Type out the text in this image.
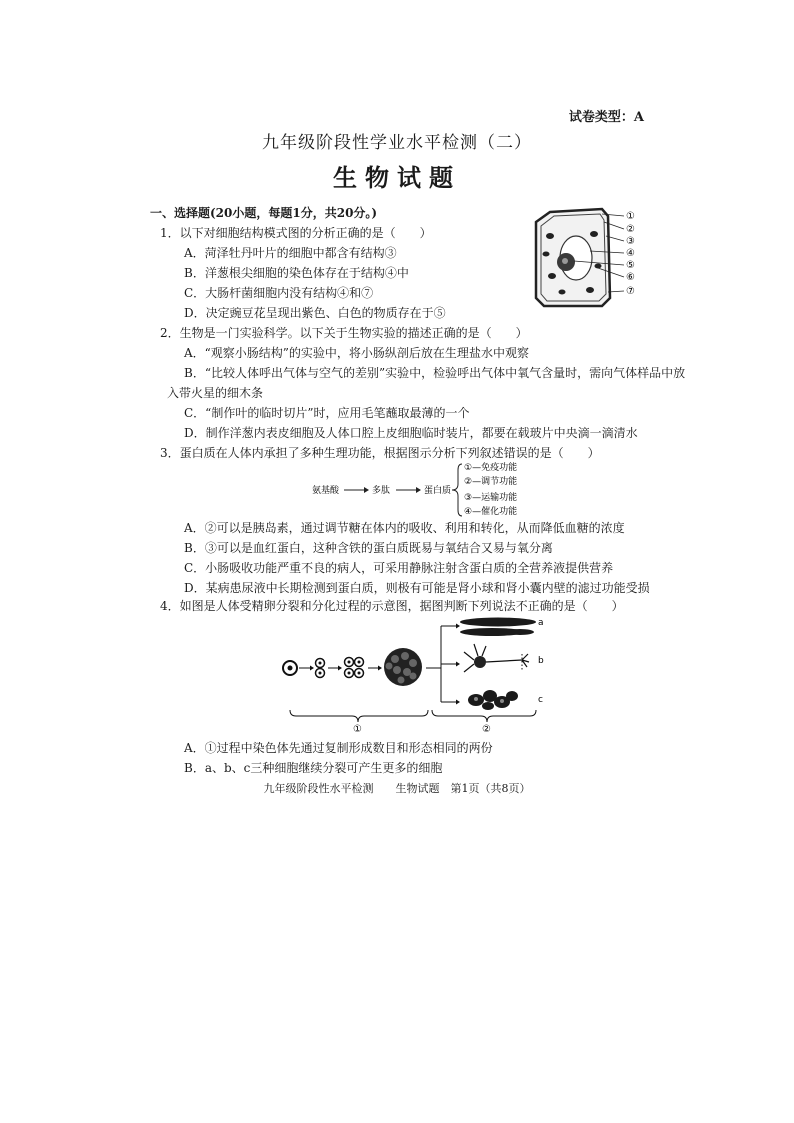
试卷类型：A
九年级阶段性学业水平检测（二）
生物试题
一、选择题(20小题，每题1分，共20分。)
1．以下对细胞结构模式图的分析正确的是（　　）
A．菏泽牡丹叶片的细胞中都含有结构③
B．洋葱根尖细胞的染色体存在于结构④中
C．大肠杆菌细胞内没有结构④和⑦
D．决定豌豆花呈现出紫色、白色的物质存在于⑤
①
②
③
④
⑤
⑥
⑦
2．生物是一门实验科学。以下关于生物实验的描述正确的是（　　）
A．“观察小肠结构”的实验中，将小肠纵剖后放在生理盐水中观察
B．“比较人体呼出气体与空气的差别”实验中，检验呼出气体中氧气含量时，需向气体样品中放
入带火星的细木条
C．“制作叶的临时切片”时，应用毛笔蘸取最薄的一个
D．制作洋葱内表皮细胞及人体口腔上皮细胞临时装片，都要在载玻片中央滴一滴清水
3．蛋白质在人体内承担了多种生理功能，根据图示分析下列叙述错误的是（　　）
氨基酸	多肽	蛋白质
①—免疫功能
②—调节功能
③—运输功能
④—催化功能
A．②可以是胰岛素，通过调节糖在体内的吸收、利用和转化，从而降低血糖的浓度
B．③可以是血红蛋白，这种含铁的蛋白质既易与氧结合又易与氧分离
C．小肠吸收功能严重不良的病人，可采用静脉注射含蛋白质的全营养液提供营养
D．某病患尿液中长期检测到蛋白质，则极有可能是肾小球和肾小囊内壁的滤过功能受损
4．如图是人体受精卵分裂和分化过程的示意图，据图判断下列说法不正确的是（　　）
a
b
c
①	②
A．①过程中染色体先通过复制形成数目和形态相同的两份
B．a、b、c三种细胞继续分裂可产生更多的细胞
九年级阶段性水平检测　　生物试题　第1页（共8页）
